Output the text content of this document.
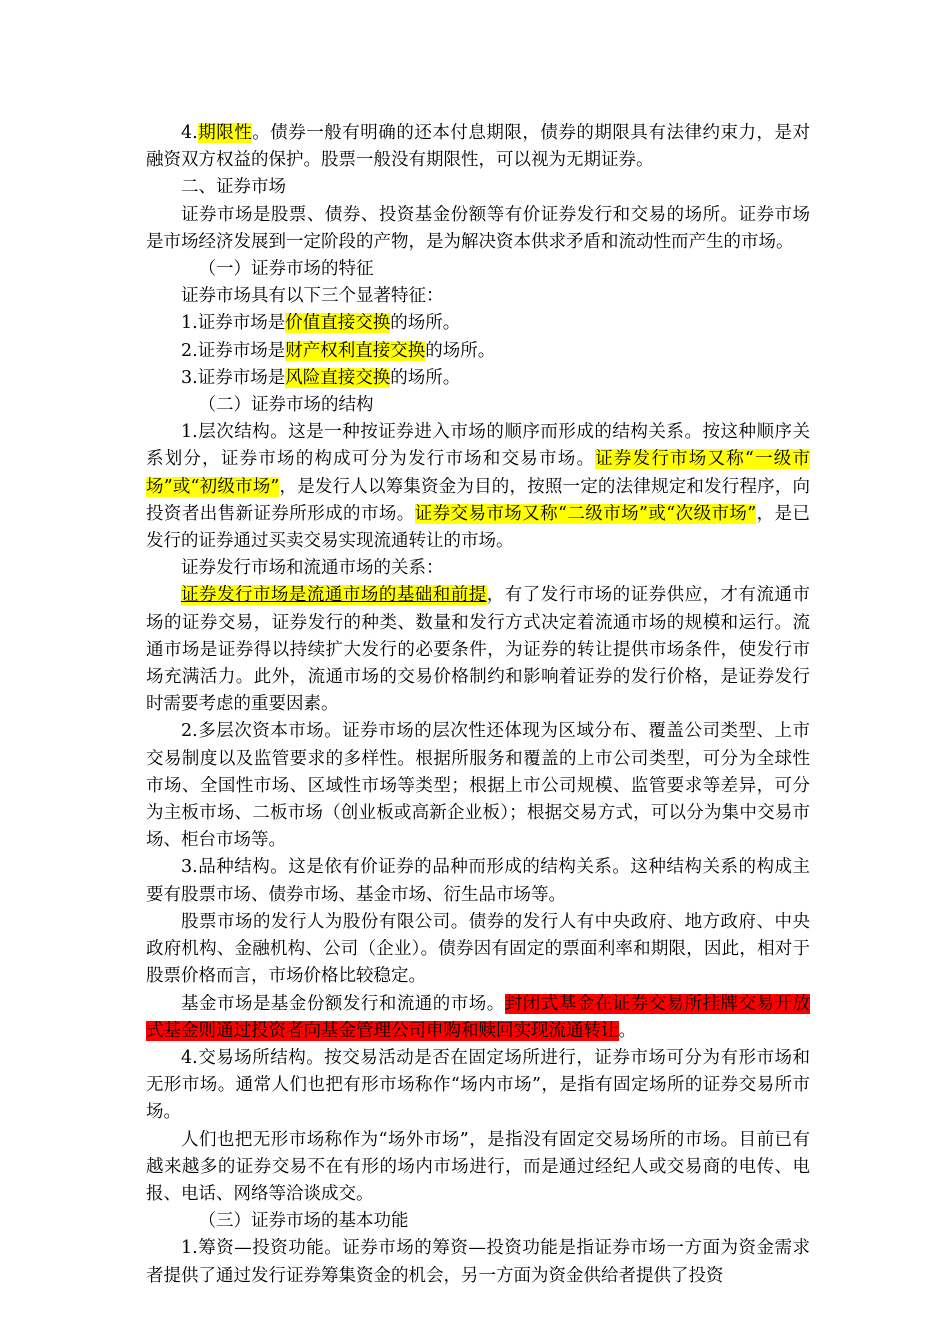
4.期限性。债券一般有明确的还本付息期限，债券的期限具有法律约束力，是对融资双方权益的保护。股票一般没有期限性，可以视为无期证券。

二、证券市场

证券市场是股票、债券、投资基金份额等有价证券发行和交易的场所。证券市场是市场经济发展到一定阶段的产物，是为解决资本供求矛盾和流动性而产生的市场。

（一）证券市场的特征

证券市场具有以下三个显著特征：

1.证券市场是价值直接交换的场所。

2.证券市场是财产权利直接交换的场所。

3.证券市场是风险直接交换的场所。

（二）证券市场的结构

1.层次结构。这是一种按证券进入市场的顺序而形成的结构关系。按这种顺序关系划分，证券市场的构成可分为发行市场和交易市场。证券发行市场又称“一级市场”或“初级市场”，是发行人以筹集资金为目的，按照一定的法律规定和发行程序，向投资者出售新证券所形成的市场。证券交易市场又称“二级市场”或“次级市场”，是已发行的证券通过买卖交易实现流通转让的市场。

证券发行市场和流通市场的关系：

证券发行市场是流通市场的基础和前提，有了发行市场的证券供应，才有流通市场的证券交易，证券发行的种类、数量和发行方式决定着流通市场的规模和运行。流通市场是证券得以持续扩大发行的必要条件，为证券的转让提供市场条件，使发行市场充满活力。此外，流通市场的交易价格制约和影响着证券的发行价格，是证券发行时需要考虑的重要因素。

2.多层次资本市场。证券市场的层次性还体现为区域分布、覆盖公司类型、上市交易制度以及监管要求的多样性。根据所服务和覆盖的上市公司类型，可分为全球性市场、全国性市场、区域性市场等类型；根据上市公司规模、监管要求等差异，可分为主板市场、二板市场（创业板或高新企业板）；根据交易方式，可以分为集中交易市场、柜台市场等。

3.品种结构。这是依有价证券的品种而形成的结构关系。这种结构关系的构成主要有股票市场、债券市场、基金市场、衍生品市场等。

股票市场的发行人为股份有限公司。债券的发行人有中央政府、地方政府、中央政府机构、金融机构、公司（企业）。债券因有固定的票面利率和期限，因此，相对于股票价格而言，市场价格比较稳定。

基金市场是基金份额发行和流通的市场。封闭式基金在证券交易所挂牌交易开放式基金则通过投资者向基金管理公司申购和赎回实现流通转让。

4.交易场所结构。按交易活动是否在固定场所进行，证券市场可分为有形市场和无形市场。通常人们也把有形市场称作“场内市场”，是指有固定场所的证券交易所市场。

人们也把无形市场称作为“场外市场”，是指没有固定交易场所的市场。目前已有越来越多的证券交易不在有形的场内市场进行，而是通过经纪人或交易商的电传、电报、电话、网络等洽谈成交。

（三）证券市场的基本功能

1.筹资—投资功能。证券市场的筹资—投资功能是指证券市场一方面为资金需求者提供了通过发行证券筹集资金的机会，另一方面为资金供给者提供了投资
